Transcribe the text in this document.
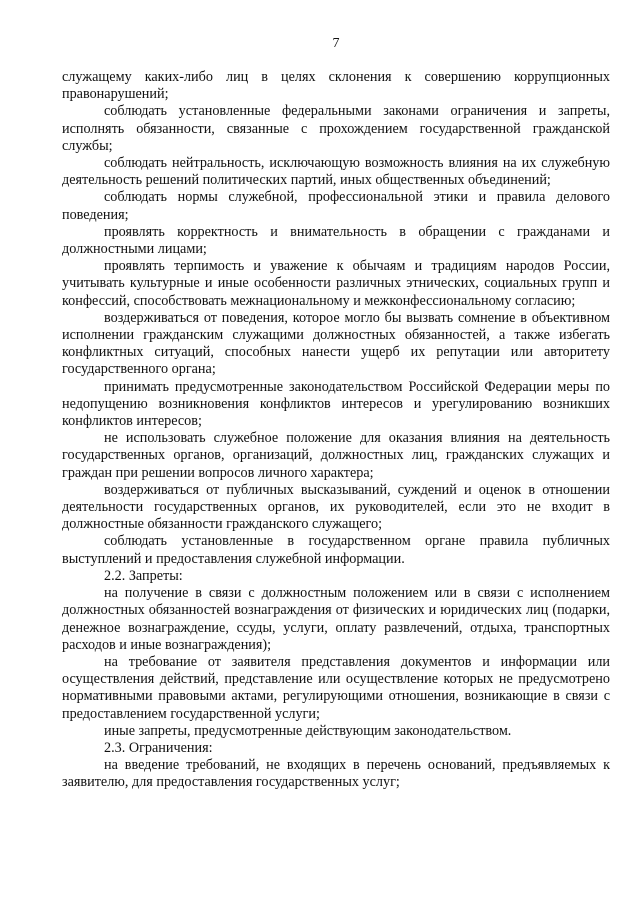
7

служащему каких-либо лиц в целях склонения к совершению коррупционных правонарушений;

соблюдать установленные федеральными законами ограничения и запреты, исполнять обязанности, связанные с прохождением государственной гражданской службы;

соблюдать нейтральность, исключающую возможность влияния на их служебную деятельность решений политических партий, иных общественных объединений;

соблюдать нормы служебной, профессиональной этики и правила делового поведения;

проявлять корректность и внимательность в обращении с гражданами и должностными лицами;

проявлять терпимость и уважение к обычаям и традициям народов России, учитывать культурные и иные особенности различных этнических, социальных групп и конфессий, способствовать межнациональному и межконфессиональному согласию;

воздерживаться от поведения, которое могло бы вызвать сомнение в объективном исполнении гражданским служащими должностных обязанностей, а также избегать конфликтных ситуаций, способных нанести ущерб их репутации или авторитету государственного органа;

принимать предусмотренные законодательством Российской Федерации меры по недопущению возникновения конфликтов интересов и урегулированию возникших конфликтов интересов;

не использовать служебное положение для оказания влияния на деятельность государственных органов, организаций, должностных лиц, гражданских служащих и граждан при решении вопросов личного характера;

воздерживаться от публичных высказываний, суждений и оценок в отношении деятельности государственных органов, их руководителей, если это не входит в должностные обязанности гражданского служащего;

соблюдать установленные в государственном органе правила публичных выступлений и предоставления служебной информации.

2.2. Запреты:

на получение в связи с должностным положением или в связи с исполнением должностных обязанностей вознаграждения от физических и юридических лиц (подарки, денежное вознаграждение, ссуды, услуги, оплату развлечений, отдыха, транспортных расходов и иные вознаграждения);

на требование от заявителя представления документов и информации или осуществления действий, представление или осуществление которых не предусмотрено нормативными правовыми актами, регулирующими отношения, возникающие в связи с предоставлением государственной услуги;

иные запреты, предусмотренные действующим законодательством.

2.3. Ограничения:

на введение требований, не входящих в перечень оснований, предъявляемых к заявителю, для предоставления государственных услуг;
